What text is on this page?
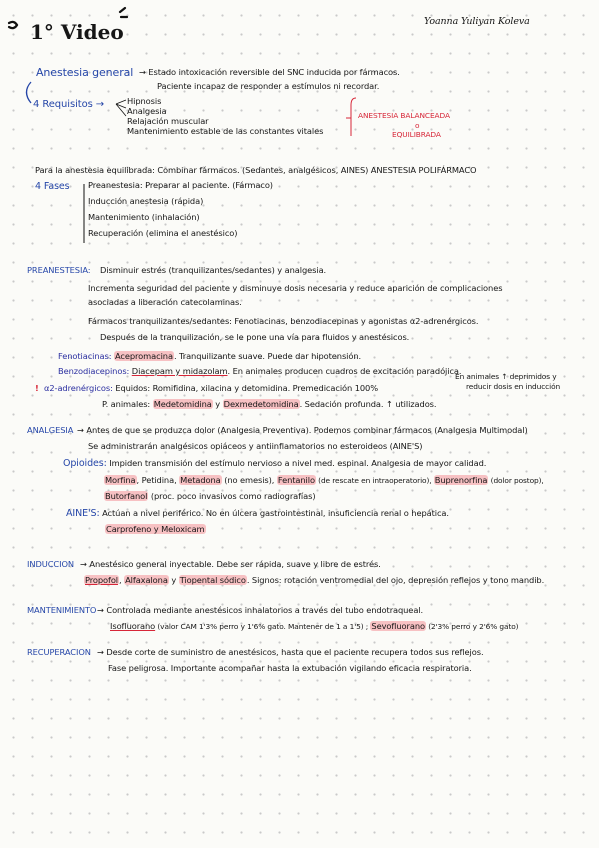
1° Video	Yoanna Yuliyan Koleva
Anestesia general → Estado intoxicación reversible del SNC inducida por fármacos.
Paciente incapaz de responder a estímulos ni recordar.
4 Requisitos →	Hipnosis
Analgesia
Relajación muscular
Mantenimiento estable de las constantes vitales
ANESTESIA BALANCEADA
o
EQUILIBRADA
Para la anestesia equilibrada: Combinar fármacos. (Sedantes, analgésicos, AINES) ANESTESIA POLIFÁRMACO
4 Fases Preanestesia: Preparar al paciente. (Fármaco)
Inducción anestesia (rápida)
Mantenimiento (inhalación)
Recuperación (elimina el anestésico)
PREANESTESIA: Disminuir estrés (tranquilizantes/sedantes) y analgesia.
Incrementa seguridad del paciente y disminuye dosis necesaria y reduce aparición de complicaciones
asociadas a liberación catecolaminas.
Fármacos tranquilizantes/sedantes: Fenotiacinas, benzodiacepinas y agonistas α2-adrenérgicos.
Después de la tranquilización, se le pone una vía para fluidos y anestésicos.
Fenotiacinas: Acepromacina. Tranquilizante suave. Puede dar hipotensión.
Benzodiacepinos: Diacepam y midazolam. En animales producen cuadros de excitación paradójica.
En animales ↑ deprimidos y
reducir dosis en inducción
! α2-adrenérgicos: Equidos: Romifidina, xilacina y detomidina. Premedicación 100%
P. animales: Medetomidina y Dexmedetomidina. Sedación profunda. ↑ utilizados.
ANALGESIA → Antes de que se produzca dolor (Analgesia Preventiva). Podemos combinar fármacos (Analgesia Multimodal)
Se administrarán analgésicos opiáceos y antiinflamatorios no esteroideos (AINE'S)
Opioides: Impiden transmisión del estímulo nervioso a nivel med. espinal. Analgesia de mayor calidad.
Morfina, Petidina, Metadona (no emesis), Fentanilo (de rescate en intraoperatorio), Buprenorfina (dolor postop),
Butorfanol (proc. poco invasivos como radiografías)
AINE'S: Actúan a nivel periférico. No en úlcera gastrointestinal, insuficiencia renal o hepática.
Carprofeno y Meloxicam
INDUCCION → Anestésico general inyectable. Debe ser rápida, suave y libre de estrés.
Propofol, Alfaxalona y Tiopental sódico. Signos: rotación ventromedial del ojo, depresión reflejos y tono mandib.
MANTENIMIENTO → Controlada mediante anestésicos inhalatorios a través del tubo endotraqueal.
Isofluorano (valor CAM 1'3% perro y 1'6% gato. Mantener de 1 a 1'5) ; Sevofluorano (2'3% perro y 2'6% gato)
RECUPERACION → Desde corte de suministro de anestésicos, hasta que el paciente recupera todos sus reflejos.
Fase peligrosa. Importante acompañar hasta la extubación vigilando eficacia respiratoria.
